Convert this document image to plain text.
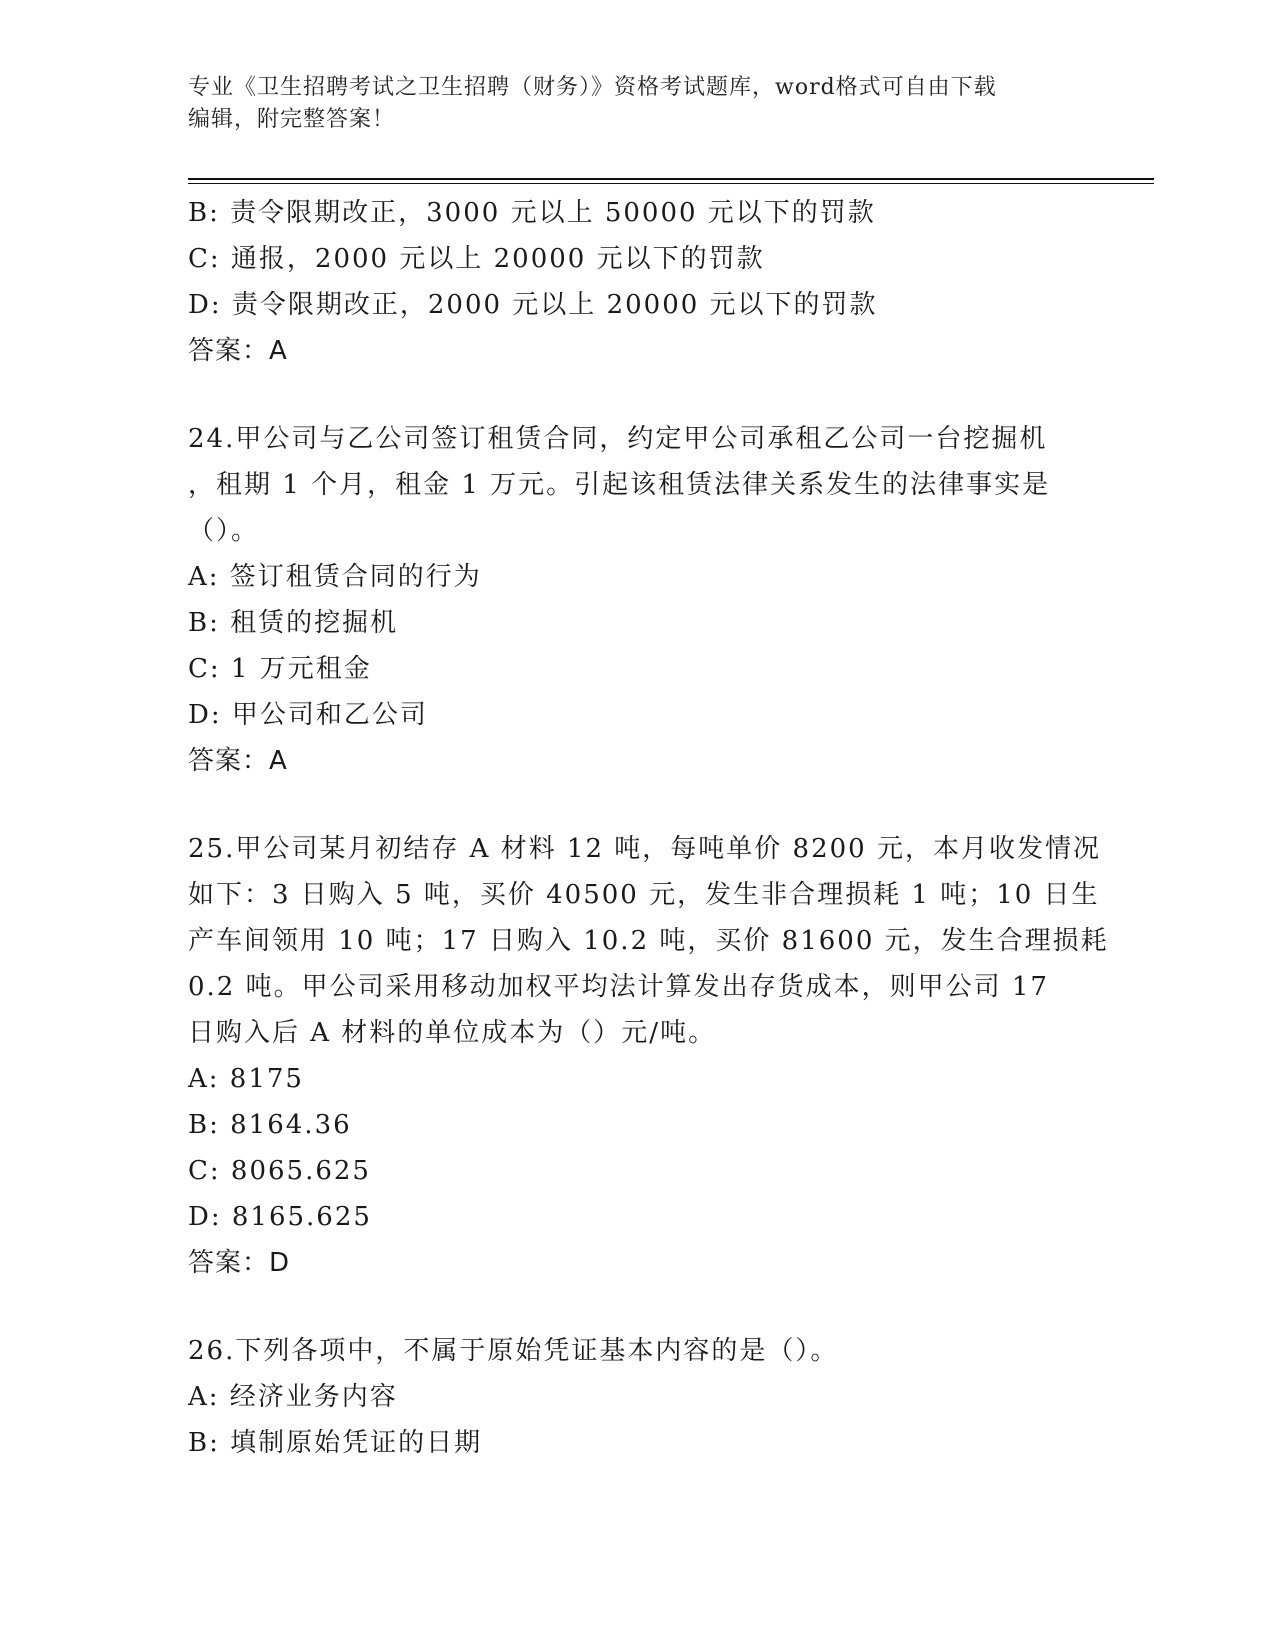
专业《卫生招聘考试之卫生招聘（财务）》资格考试题库，word格式可自由下载
编辑，附完整答案！
B: 责令限期改正，3000 元以上 50000 元以下的罚款
C: 通报，2000 元以上 20000 元以下的罚款
D: 责令限期改正，2000 元以上 20000 元以下的罚款
答案：A
24.甲公司与乙公司签订租赁合同，约定甲公司承租乙公司一台挖掘机
，租期 1 个月，租金 1 万元。引起该租赁法律关系发生的法律事实是
（）。
A: 签订租赁合同的行为
B: 租赁的挖掘机
C: 1 万元租金
D: 甲公司和乙公司
答案：A
25.甲公司某月初结存 A 材料 12 吨，每吨单价 8200 元，本月收发情况
如下：3 日购入 5 吨，买价 40500 元，发生非合理损耗 1 吨；10 日生
产车间领用 10 吨；17 日购入 10.2 吨，买价 81600 元，发生合理损耗
0.2 吨。甲公司采用移动加权平均法计算发出存货成本，则甲公司 17
日购入后 A 材料的单位成本为（）元/吨。
A: 8175
B: 8164.36
C: 8065.625
D: 8165.625
答案：D
26.下列各项中，不属于原始凭证基本内容的是（）。
A: 经济业务内容
B: 填制原始凭证的日期
